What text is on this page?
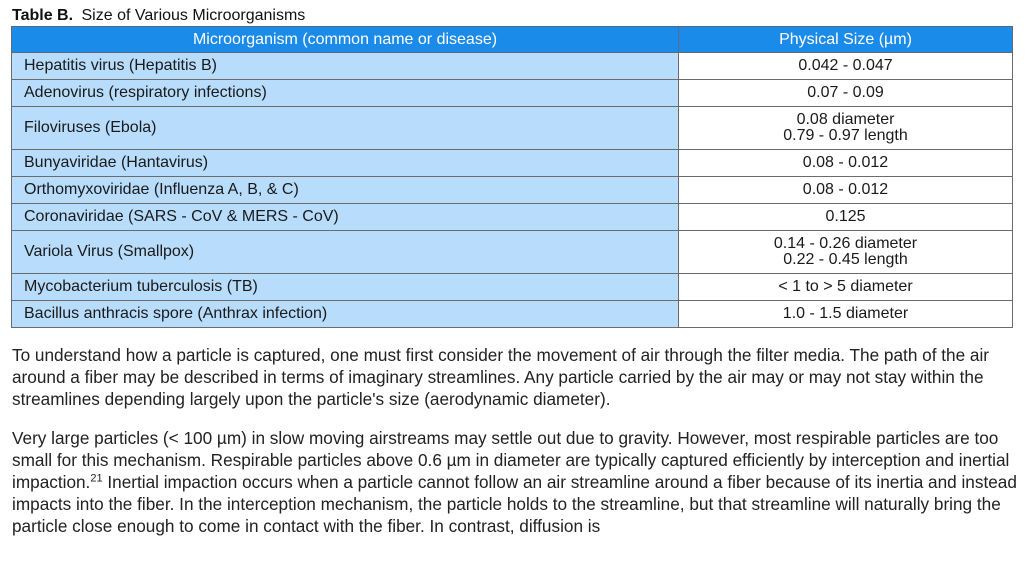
Table B. Size of Various Microorganisms
Microorganism (common name or disease)	Physical Size (µm)
Hepatitis virus (Hepatitis B)	0.042 - 0.047

Adenovirus (respiratory infections)	0.07 - 0.09

Filoviruses (Ebola)	0.08 diameter
0.79 - 0.97 length

Bunyaviridae (Hantavirus)	0.08 - 0.012

Orthomyxoviridae (Influenza A, B, & C)	0.08 - 0.012

Coronaviridae (SARS - CoV & MERS - CoV)	0.125

Variola Virus (Smallpox)	0.14 - 0.26 diameter
0.22 - 0.45 length

Mycobacterium tuberculosis (TB)	< 1 to > 5 diameter

Bacillus anthracis spore (Anthrax infection)	1.0 - 1.5 diameter

To understand how a particle is captured, one must first consider the movement of air through the filter media. The path of the air around a fiber may be described in terms of imaginary streamlines. Any particle carried by the air may or may not stay within the streamlines depending largely upon the particle's size (aerodynamic diameter).

Very large particles (< 100 µm) in slow moving airstreams may settle out due to gravity. However, most respirable particles are too small for this mechanism. Respirable particles above 0.6 µm in diameter are typically captured efficiently by interception and inertial impaction.$^{21}$ Inertial impaction occurs when a particle cannot follow an air streamline around a fiber because of its inertia and instead impacts into the fiber. In the interception mechanism, the particle holds to the streamline, but that streamline will naturally bring the particle close enough to come in contact with the fiber. In contrast, diffusion is
